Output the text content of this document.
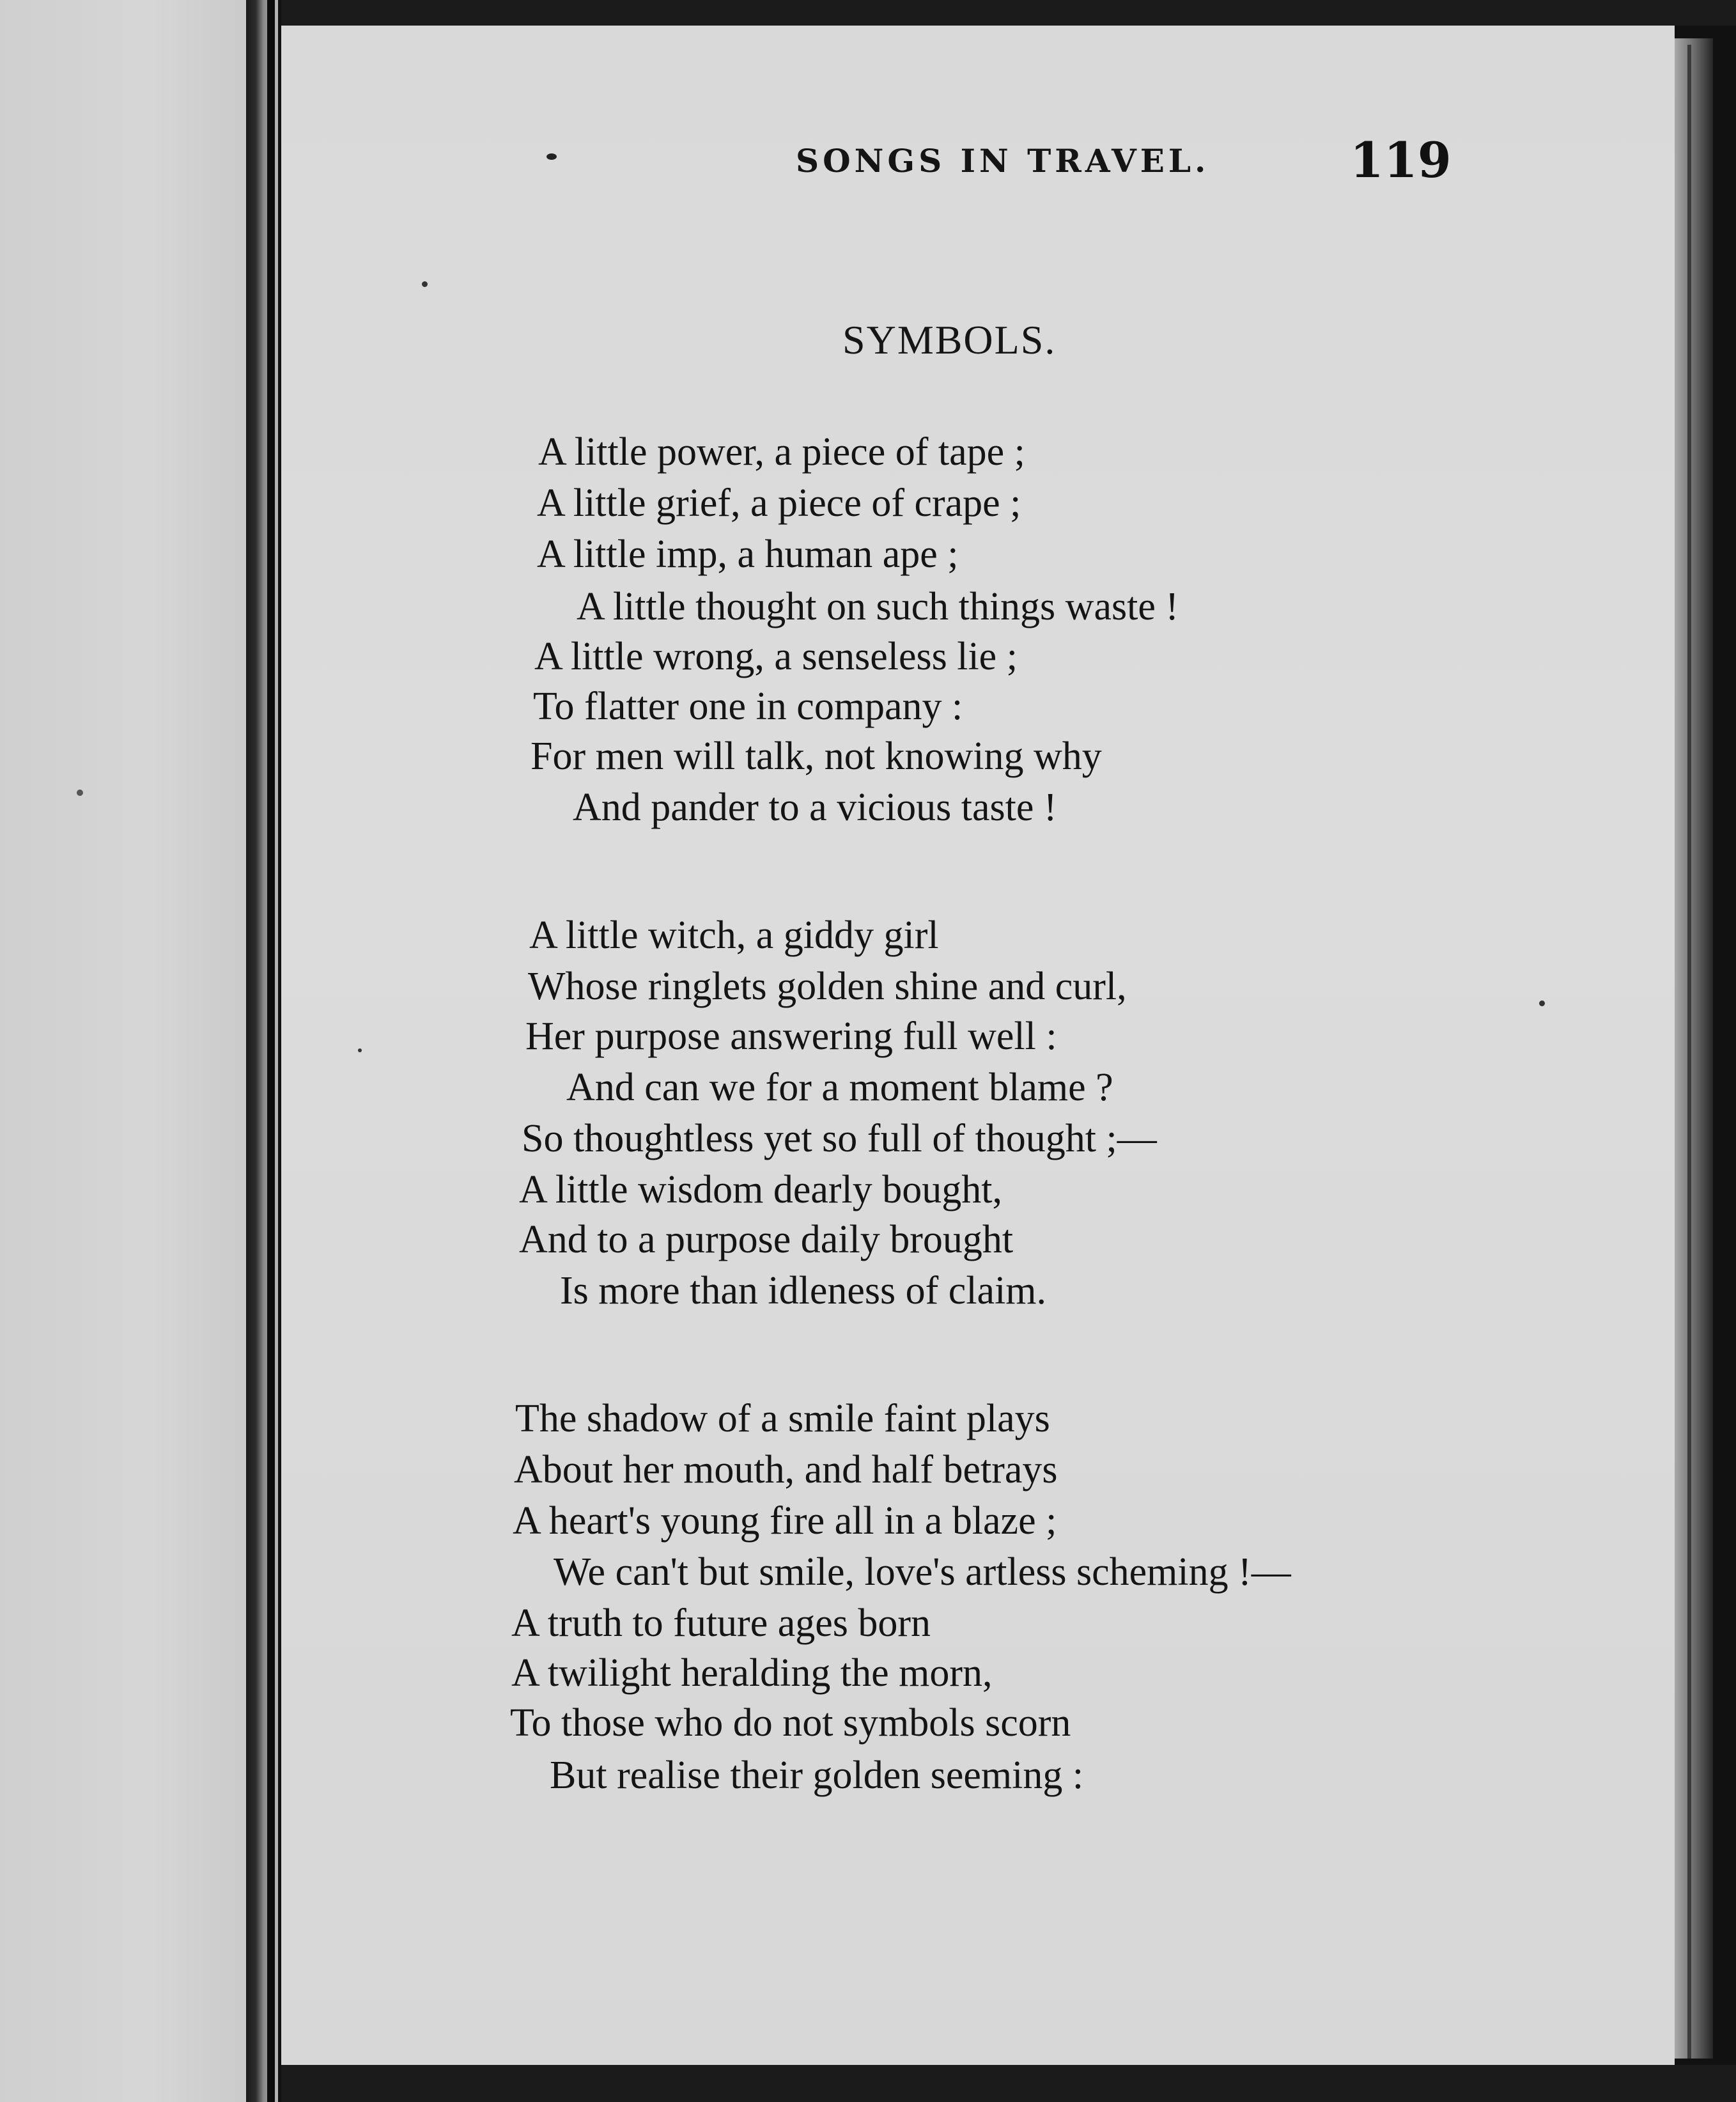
SONGS IN TRAVEL.	119
SYMBOLS.
A little power, a piece of tape ;
A little grief, a piece of crape ;
A little imp, a human ape ;
A little thought on such things waste !
A little wrong, a senseless lie ;
To flatter one in company :
For men will talk, not knowing why
And pander to a vicious taste !
A little witch, a giddy girl
Whose ringlets golden shine and curl,
Her purpose answering full well :
And can we for a moment blame ?
So thoughtless yet so full of thought ;—
A little wisdom dearly bought,
And to a purpose daily brought
Is more than idleness of claim.
The shadow of a smile faint plays
About her mouth, and half betrays
A heart's young fire all in a blaze ;
We can't but smile, love's artless scheming !—
A truth to future ages born
A twilight heralding the morn,
To those who do not symbols scorn
But realise their golden seeming :
